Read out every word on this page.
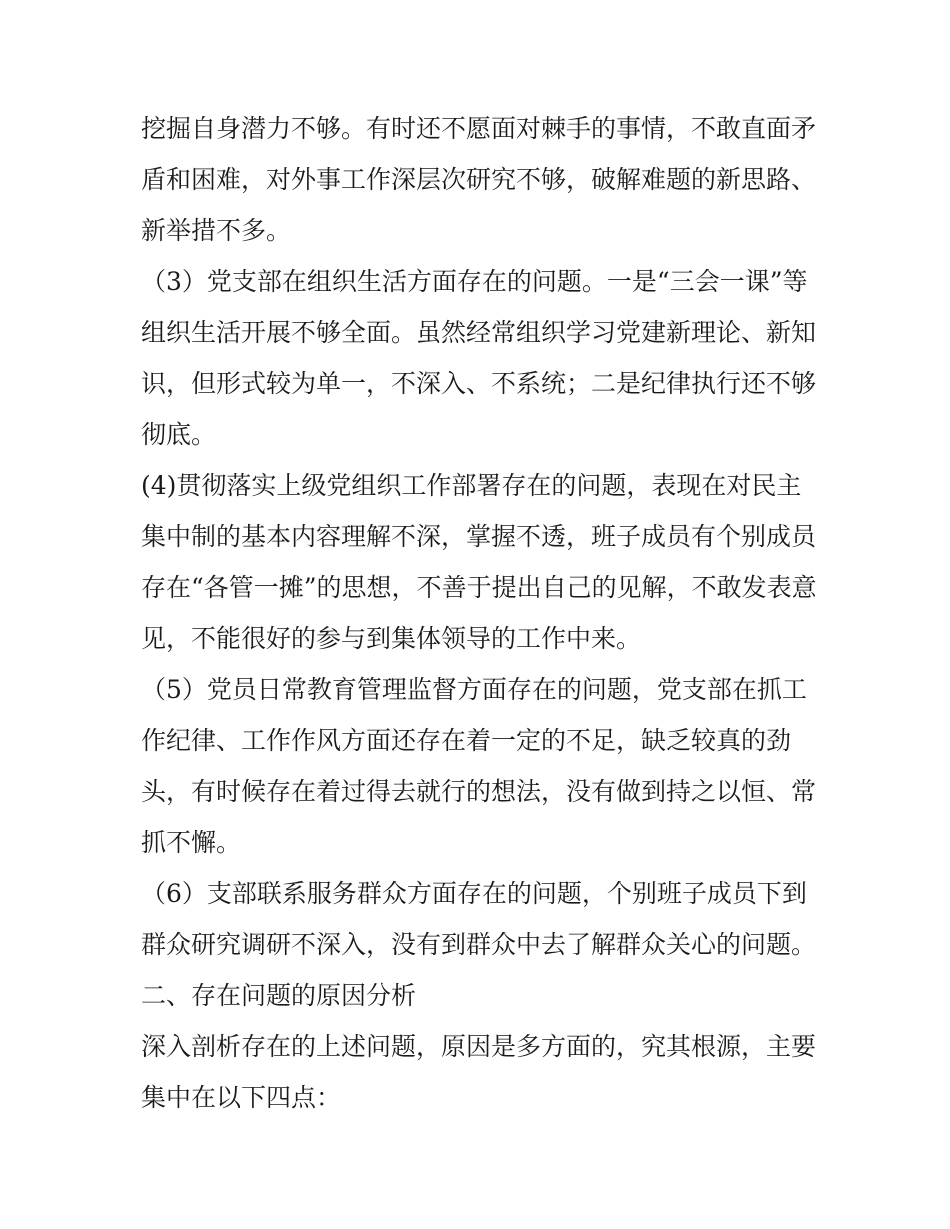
挖掘自身潜力不够。有时还不愿面对棘手的事情，不敢直面矛
盾和困难，对外事工作深层次研究不够，破解难题的新思路、
新举措不多。
（3）党支部在组织生活方面存在的问题。一是“三会一课”等
组织生活开展不够全面。虽然经常组织学习党建新理论、新知
识，但形式较为单一，不深入、不系统；二是纪律执行还不够
彻底。
(4)贯彻落实上级党组织工作部署存在的问题，表现在对民主
集中制的基本内容理解不深，掌握不透，班子成员有个别成员
存在“各管一摊”的思想，不善于提出自己的见解，不敢发表意
见，不能很好的参与到集体领导的工作中来。
（5）党员日常教育管理监督方面存在的问题，党支部在抓工
作纪律、工作作风方面还存在着一定的不足，缺乏较真的劲
头，有时候存在着过得去就行的想法，没有做到持之以恒、常
抓不懈。
（6）支部联系服务群众方面存在的问题，个别班子成员下到
群众研究调研不深入，没有到群众中去了解群众关心的问题。
二、存在问题的原因分析
深入剖析存在的上述问题，原因是多方面的，究其根源，主要
集中在以下四点：
